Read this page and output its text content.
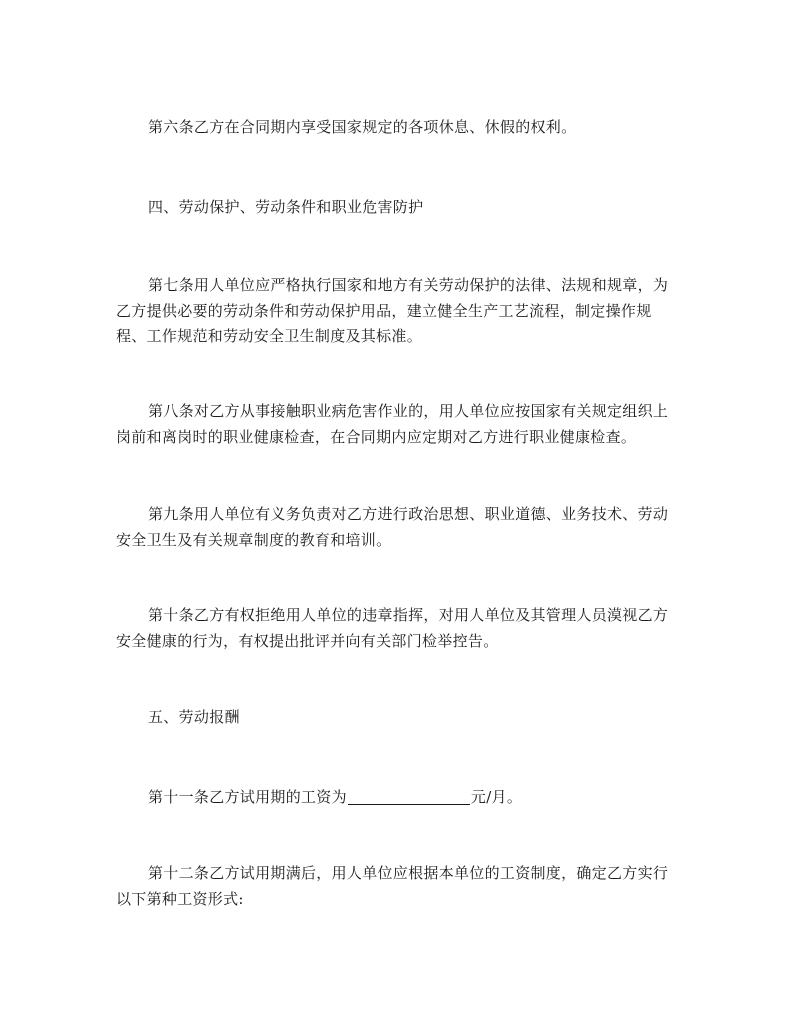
第六条乙方在合同期内享受国家规定的各项休息、休假的权利。

四、劳动保护、劳动条件和职业危害防护

第七条用人单位应严格执行国家和地方有关劳动保护的法律、法规和规章，为乙方提供必要的劳动条件和劳动保护用品，建立健全生产工艺流程，制定操作规程、工作规范和劳动安全卫生制度及其标准。

第八条对乙方从事接触职业病危害作业的，用人单位应按国家有关规定组织上岗前和离岗时的职业健康检查，在合同期内应定期对乙方进行职业健康检查。

第九条用人单位有义务负责对乙方进行政治思想、职业道德、业务技术、劳动安全卫生及有关规章制度的教育和培训。

第十条乙方有权拒绝用人单位的违章指挥，对用人单位及其管理人员漠视乙方安全健康的行为，有权提出批评并向有关部门检举控告。

五、劳动报酬

第十一条乙方试用期的工资为	元/月。

第十二条乙方试用期满后，用人单位应根据本单位的工资制度，确定乙方实行以下第种工资形式:
